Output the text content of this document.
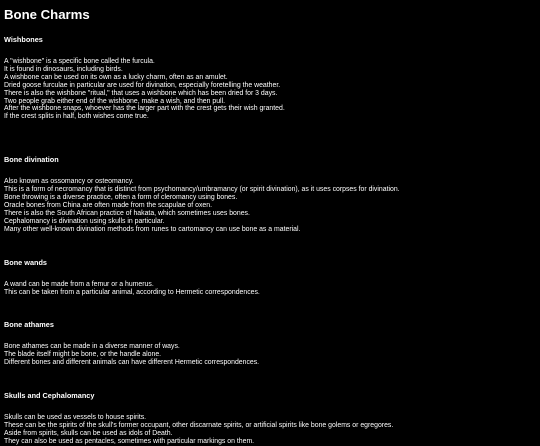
Bone Charms
Wishbones
A "wishbone" is a specific bone called the furcula.
It is found in dinosaurs, including birds.
A wishbone can be used on its own as a lucky charm, often as an amulet.
Dried goose furculae in particular are used for divination, especially foretelling the weather.
There is also the wishbone "ritual," that uses a wishbone which has been dried for 3 days.
Two people grab either end of the wishbone, make a wish, and then pull.
After the wishbone snaps, whoever has the larger part with the crest gets their wish granted.
If the crest splits in half, both wishes come true.
Bone divination
Also known as ossomancy or osteomancy.
This is a form of necromancy that is distinct from psychomancy/umbramancy (or spirit divination), as it uses corpses for divination.
Bone throwing is a diverse practice, often a form of cleromancy using bones.
Oracle bones from China are often made from the scapulae of oxen.
There is also the South African practice of hakata, which sometimes uses bones.
Cephalomancy is divination using skulls in particular.
Many other well-known divination methods from runes to cartomancy can use bone as a material.
Bone wands
A wand can be made from a femur or a humerus.
This can be taken from a particular animal, according to Hermetic correspondences.
Bone athames
Bone athames can be made in a diverse manner of ways.
The blade itself might be bone, or the handle alone.
Different bones and different animals can have different Hermetic correspondences.
Skulls and Cephalomancy
Skulls can be used as vessels to house spirits.
These can be the spirits of the skull's former occupant, other discarnate spirits, or artificial spirits like bone golems or egregores.
Aside from spirits, skulls can be used as idols of Death.
They can also be used as pentacles, sometimes with particular markings on them.
